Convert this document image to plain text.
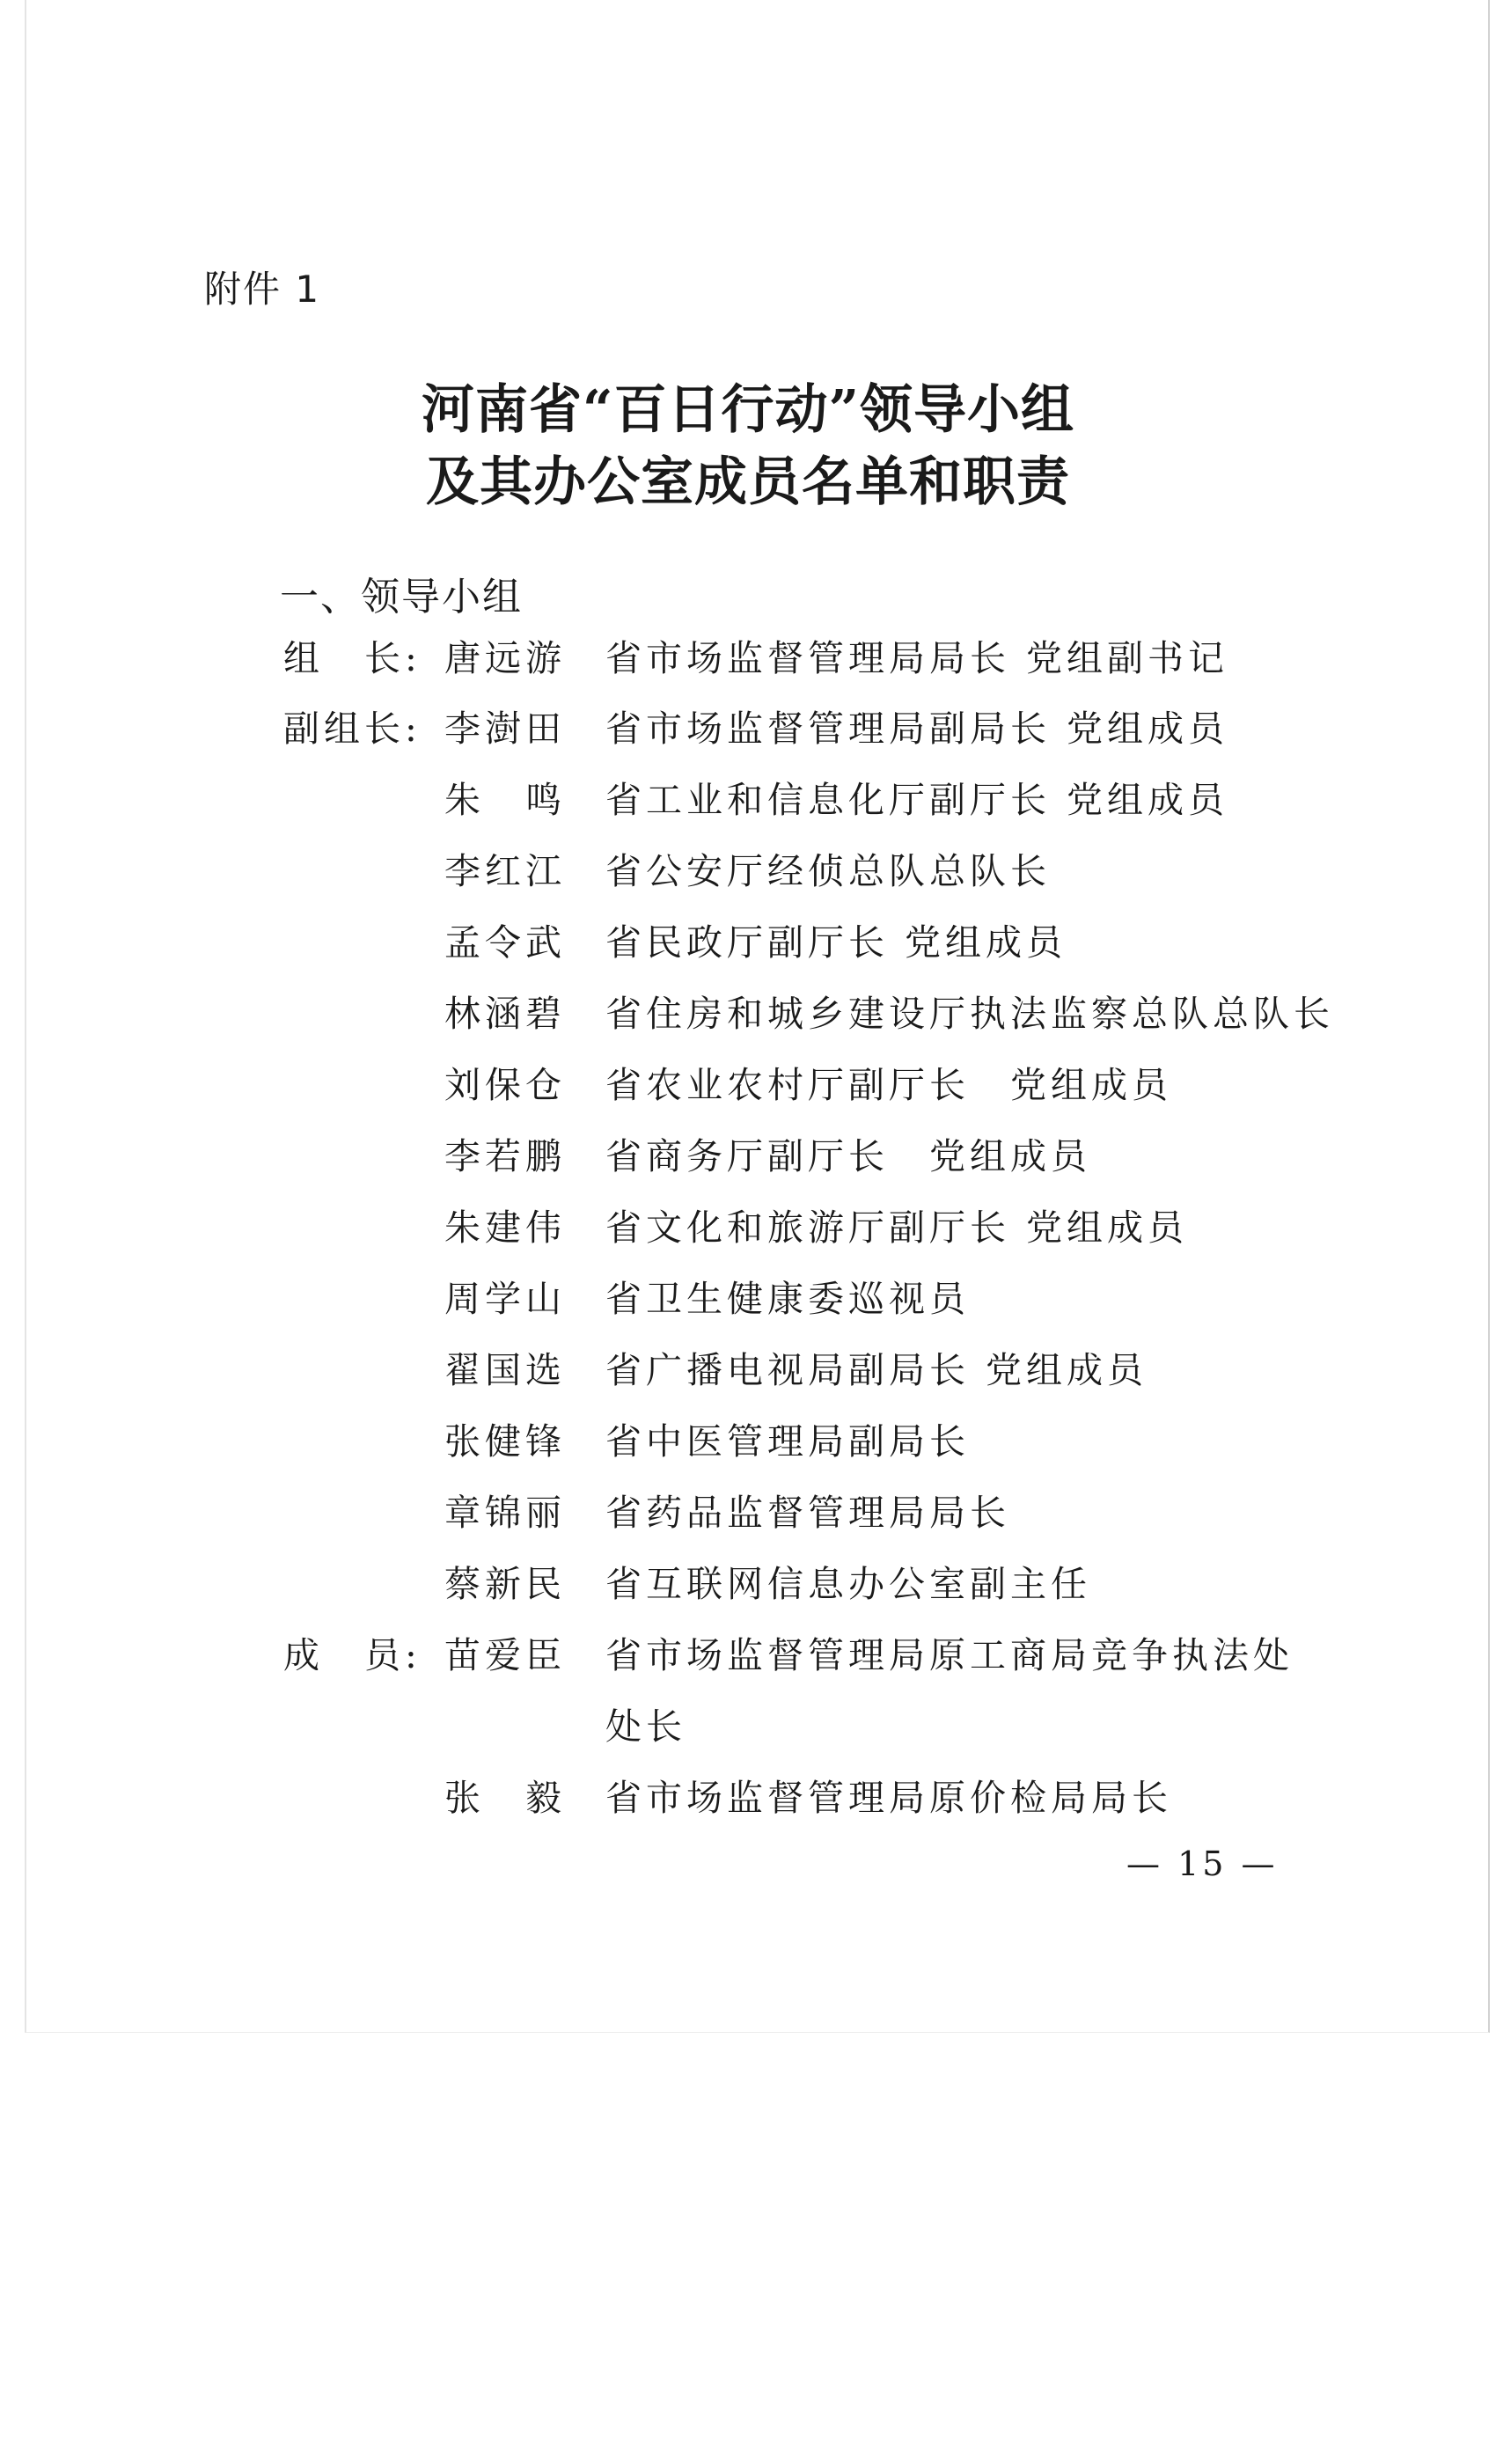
附件 1
河南省“百日行动”领导小组
及其办公室成员名单和职责
一、领导小组
组　长: 唐远游 省市场监督管理局局长 党组副书记
副组长: 李澍田 省市场监督管理局副局长 党组成员
朱　鸣 省工业和信息化厅副厅长 党组成员
李红江 省公安厅经侦总队总队长
孟令武 省民政厅副厅长 党组成员
林涵碧 省住房和城乡建设厅执法监察总队总队长
刘保仓 省农业农村厅副厅长　党组成员
李若鹏 省商务厅副厅长　党组成员
朱建伟 省文化和旅游厅副厅长 党组成员
周学山 省卫生健康委巡视员
翟国选 省广播电视局副局长 党组成员
张健锋 省中医管理局副局长
章锦丽 省药品监督管理局局长
蔡新民 省互联网信息办公室副主任
成　员: 苗爱臣 省市场监督管理局原工商局竞争执法处
处长
张　毅 省市场监督管理局原价检局局长
— 15 —
